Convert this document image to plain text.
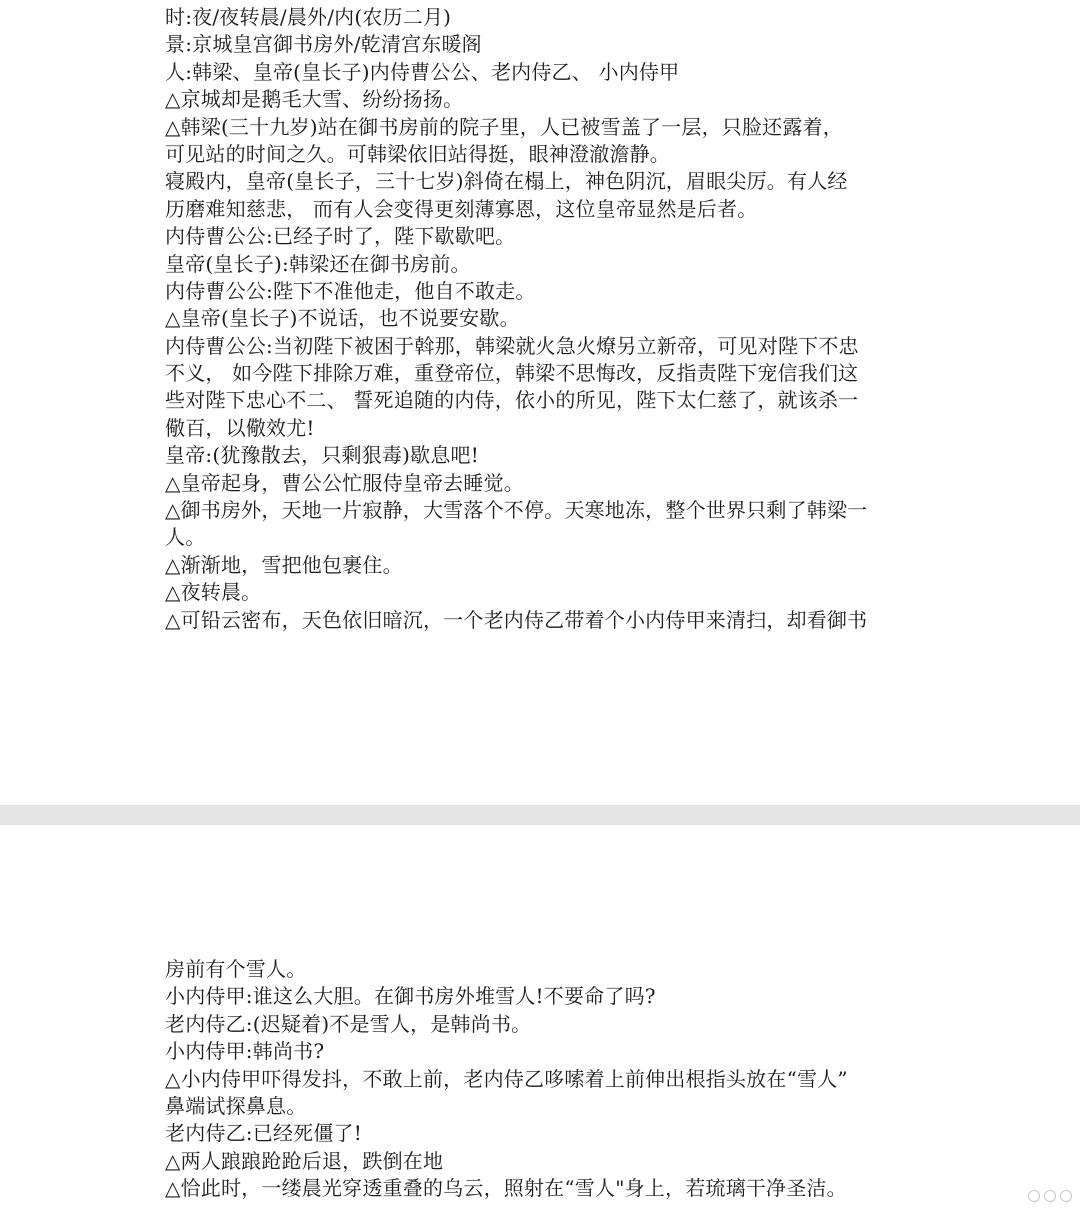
时:夜/夜转晨/晨外/内(农历二月)
景:京城皇宫御书房外/乾清宫东暖阁
人:韩梁、皇帝(皇长子)内侍曹公公、老内侍乙、 小内侍甲
△京城却是鹅毛大雪、纷纷扬扬。
△韩梁(三十九岁)站在御书房前的院子里，人已被雪盖了一层，只脸还露着，
可见站的时间之久。可韩梁依旧站得挺，眼神澄澈澹静。
寝殿内，皇帝(皇长子，三十七岁)斜倚在榻上，神色阴沉，眉眼尖厉。有人经
历磨难知慈悲， 而有人会变得更刻薄寡恩，这位皇帝显然是后者。
内侍曹公公:已经子时了，陛下歇歇吧。
皇帝(皇长子):韩梁还在御书房前。
内侍曹公公:陛下不准他走，他自不敢走。
△皇帝(皇长子)不说话，也不说要安歇。
内侍曹公公:当初陛下被困于斡那，韩梁就火急火燎另立新帝，可见对陛下不忠
不义， 如今陛下排除万难，重登帝位，韩梁不思悔改，反指责陛下宠信我们这
些对陛下忠心不二、 誓死追随的内侍，依小的所见，陛下太仁慈了，就该杀一
儆百，以儆效尤!
皇帝:(犹豫散去，只剩狠毒)歇息吧!
△皇帝起身，曹公公忙服侍皇帝去睡觉。
△御书房外，天地一片寂静，大雪落个不停。天寒地冻，整个世界只剩了韩梁一
人。
△渐渐地，雪把他包裹住。
△夜转晨。
△可铅云密布，天色依旧暗沉，一个老内侍乙带着个小内侍甲来清扫，却看御书
房前有个雪人。
小内侍甲:谁这么大胆。在御书房外堆雪人!不要命了吗?
老内侍乙:(迟疑着)不是雪人，是韩尚书。
小内侍甲:韩尚书?
△小内侍甲吓得发抖，不敢上前，老内侍乙哆嗦着上前伸出根指头放在“雪人”
鼻端试探鼻息。
老内侍乙:已经死僵了!
△两人踉踉跄跄后退，跌倒在地
△恰此时，一缕晨光穿透重叠的乌云，照射在“雪人"身上，若琉璃干净圣洁。
